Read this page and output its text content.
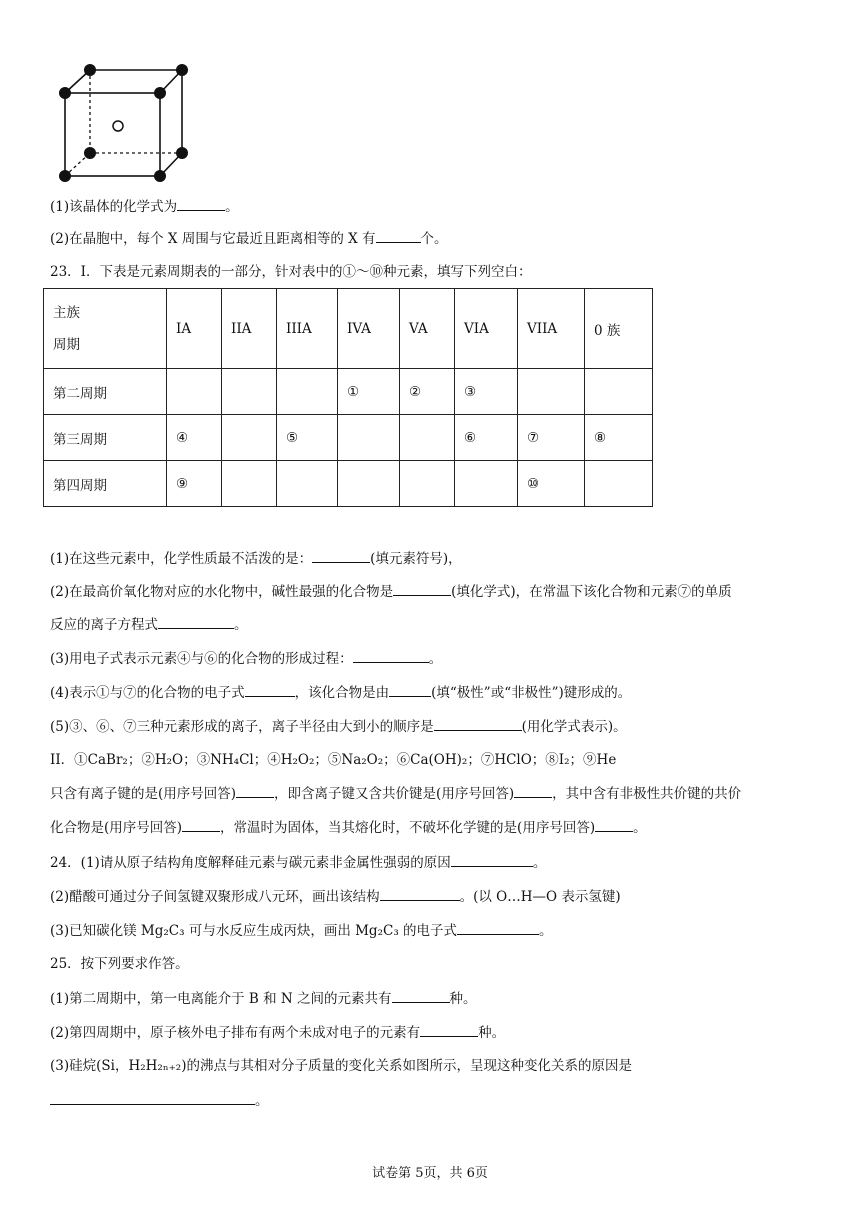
(1)该晶体的化学式为	。
(2)在晶胞中，每个 X 周围与它最近且距离相等的 X 有	个。
23．I．下表是元素周期表的一部分，针对表中的①～⑩种元素，填写下列空白：
主族
周期	IA	IIA	IIIA	IVA	VA	VIA	VIIA	0 族
第二周期				①	②	③		
第三周期	④		⑤			⑥	⑦	⑧
第四周期	⑨						⑩	
(1)在这些元素中，化学性质最不活泼的是：	(填元素符号)，
(2)在最高价氧化物对应的水化物中，碱性最强的化合物是	(填化学式)，在常温下该化合物和元素⑦的单质
反应的离子方程式	。
(3)用电子式表示元素④与⑥的化合物的形成过程：	。
(4)表示①与⑦的化合物的电子式	，该化合物是由	(填“极性”或“非极性”)键形成的。
(5)③、⑥、⑦三种元素形成的离子，离子半径由大到小的顺序是	(用化学式表示)。
II．①CaBr₂；②H₂O；③NH₄Cl；④H₂O₂；⑤Na₂O₂；⑥Ca(OH)₂；⑦HClO；⑧I₂；⑨He
只含有离子键的是(用序号回答)	，即含离子键又含共价键是(用序号回答)	，其中含有非极性共价键的共价
化合物是(用序号回答)	，常温时为固体，当其熔化时，不破坏化学键的是(用序号回答)	。
24．(1)请从原子结构角度解释硅元素与碳元素非金属性强弱的原因	。
(2)醋酸可通过分子间氢键双聚形成八元环，画出该结构	。(以 O…H—O 表示氢键)
(3)已知碳化镁 Mg₂C₃ 可与水反应生成丙炔，画出 Mg₂C₃ 的电子式	。
25．按下列要求作答。
(1)第二周期中，第一电离能介于 B 和 N 之间的元素共有	种。
(2)第四周期中，原子核外电子排布有两个未成对电子的元素有	种。
(3)硅烷(Si，H₂H₂ₙ₊₂)的沸点与其相对分子质量的变化关系如图所示，呈现这种变化关系的原因是
。
试卷第 5页，共 6页
